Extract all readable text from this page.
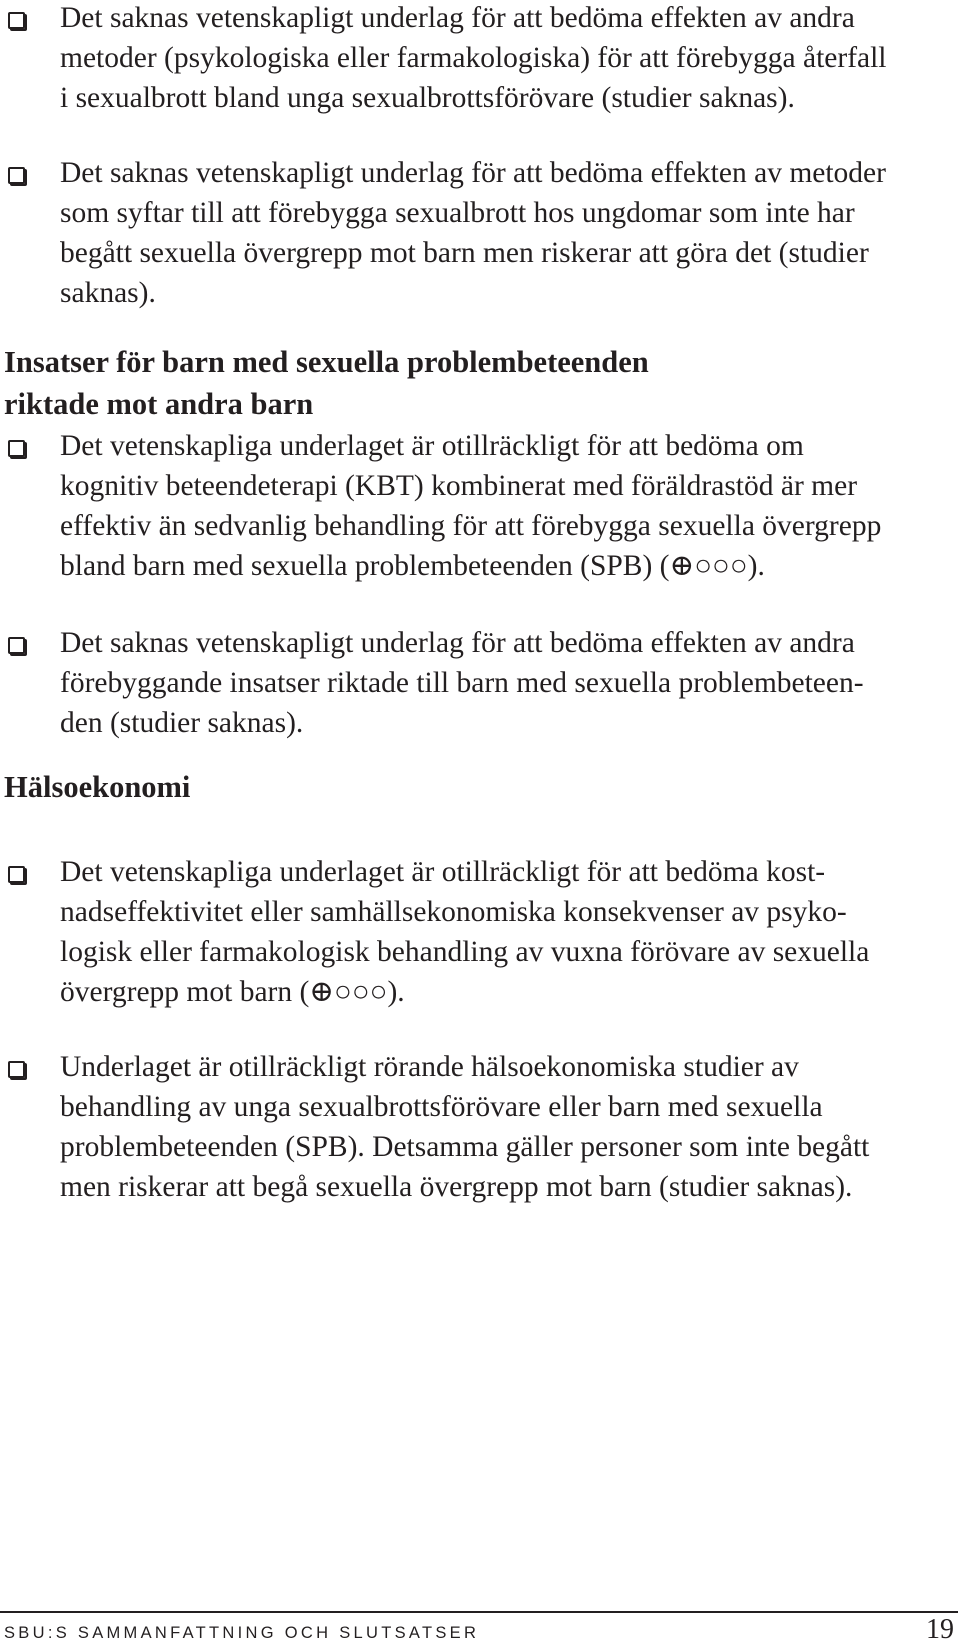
Det saknas vetenskapligt underlag för att bedöma effekten av andra
metoder (psykologiska eller farmakologiska) för att förebygga återfall
i sexualbrott bland unga sexualbrottsförövare (studier saknas).
Det saknas vetenskapligt underlag för att bedöma effekten av metoder
som syftar till att förebygga sexualbrott hos ungdomar som inte har
begått sexuella övergrepp mot barn men riskerar att göra det (studier
saknas).
Insatser för barn med sexuella problembeteenden
riktade mot andra barn
Det vetenskapliga underlaget är otillräckligt för att bedöma om
kognitiv beteendeterapi (KBT) kombinerat med föräldrastöd är mer
effektiv än sedvanlig behandling för att förebygga sexuella övergrepp
bland barn med sexuella problembeteenden (SPB) (⊕○○○).
Det saknas vetenskapligt underlag för att bedöma effekten av andra
förebyggande insatser riktade till barn med sexuella problembeteen-
den (studier saknas).
Hälsoekonomi
Det vetenskapliga underlaget är otillräckligt för att bedöma kost-
nadseffektivitet eller samhällsekonomiska konsekvenser av psyko-
logisk eller farmakologisk behandling av vuxna förövare av sexuella
övergrepp mot barn (⊕○○○).
Underlaget är otillräckligt rörande hälsoekonomiska studier av
behandling av unga sexualbrottsförövare eller barn med sexuella
problembeteenden (SPB). Detsamma gäller personer som inte begått
men riskerar att begå sexuella övergrepp mot barn (studier saknas).
SBU:S SAMMANFATTNING OCH SLUTSATSER	19
